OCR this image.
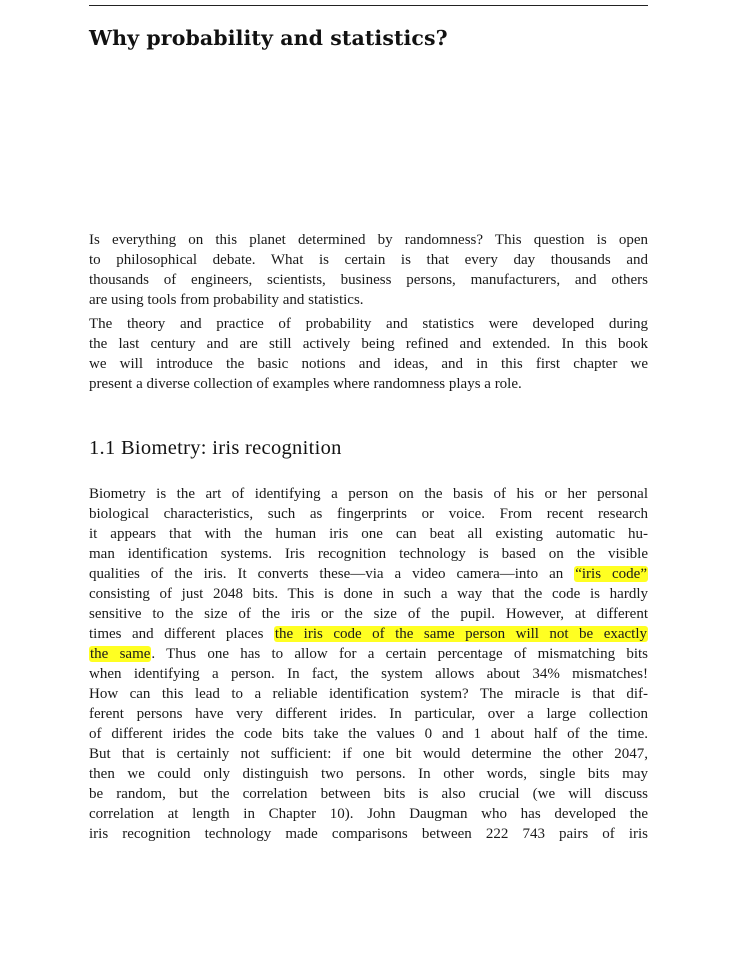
Why probability and statistics?

Is everything on this planet determined by randomness? This question is open
to philosophical debate. What is certain is that every day thousands and
thousands of engineers, scientists, business persons, manufacturers, and others
are using tools from probability and statistics.

The theory and practice of probability and statistics were developed during
the last century and are still actively being refined and extended. In this book
we will introduce the basic notions and ideas, and in this first chapter we
present a diverse collection of examples where randomness plays a role.

1.1 Biometry: iris recognition

Biometry is the art of identifying a person on the basis of his or her personal
biological characteristics, such as fingerprints or voice. From recent research
it appears that with the human iris one can beat all existing automatic hu-
man identification systems. Iris recognition technology is based on the visible
qualities of the iris. It converts these—via a video camera—into an “iris code”
consisting of just 2048 bits. This is done in such a way that the code is hardly
sensitive to the size of the iris or the size of the pupil. However, at different
times and different places the iris code of the same person will not be exactly
the same. Thus one has to allow for a certain percentage of mismatching bits
when identifying a person. In fact, the system allows about 34% mismatches!
How can this lead to a reliable identification system? The miracle is that dif-
ferent persons have very different irides. In particular, over a large collection
of different irides the code bits take the values 0 and 1 about half of the time.
But that is certainly not sufficient: if one bit would determine the other 2047,
then we could only distinguish two persons. In other words, single bits may
be random, but the correlation between bits is also crucial (we will discuss
correlation at length in Chapter 10). John Daugman who has developed the
iris recognition technology made comparisons between 222 743 pairs of iris
